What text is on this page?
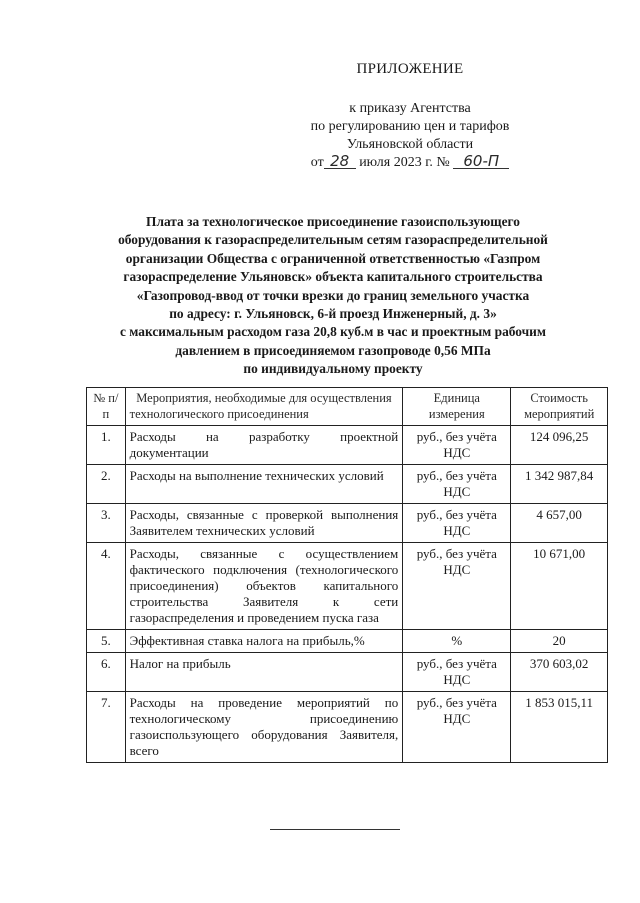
ПРИЛОЖЕНИЕ
к приказу Агентства
по регулированию цен и тарифов
Ульяновской области
от 28 июля 2023 г. № 60-П
Плата за технологическое присоединение газоиспользующего
оборудования к газораспределительным сетям газораспределительной
организации Общества с ограниченной ответственностью «Газпром
газораспределение Ульяновск» объекта капитального строительства
«Газопровод-ввод от точки врезки до границ земельного участка
по адресу: г. Ульяновск, 6-й проезд Инженерный, д. 3»
с максимальным расходом газа 20,8 куб.м в час и проектным рабочим
давлением в присоединяемом газопроводе 0,56 МПа
по индивидуальному проекту
№ п/п	Мероприятия, необходимые для осуществления технологического присоединения	Единица измерения	Стоимость мероприятий
1.	Расходы на разработку проектной документации	руб., без учёта НДС	124 096,25
2.	Расходы на выполнение технических условий	руб., без учёта НДС	1 342 987,84
3.	Расходы, связанные с проверкой выполнения Заявителем технических условий	руб., без учёта НДС	4 657,00
4.	Расходы, связанные с осуществлением фактического подключения (технологического присоединения) объектов капитального строительства Заявителя к сети газораспределения и проведением пуска газа	руб., без учёта НДС	10 671,00
5.	Эффективная ставка налога на прибыль,%	%	20
6.	Налог на прибыль	руб., без учёта НДС	370 603,02
7.	Расходы на проведение мероприятий по технологическому присоединению газоиспользующего оборудования Заявителя, всего	руб., без учёта НДС	1 853 015,11
